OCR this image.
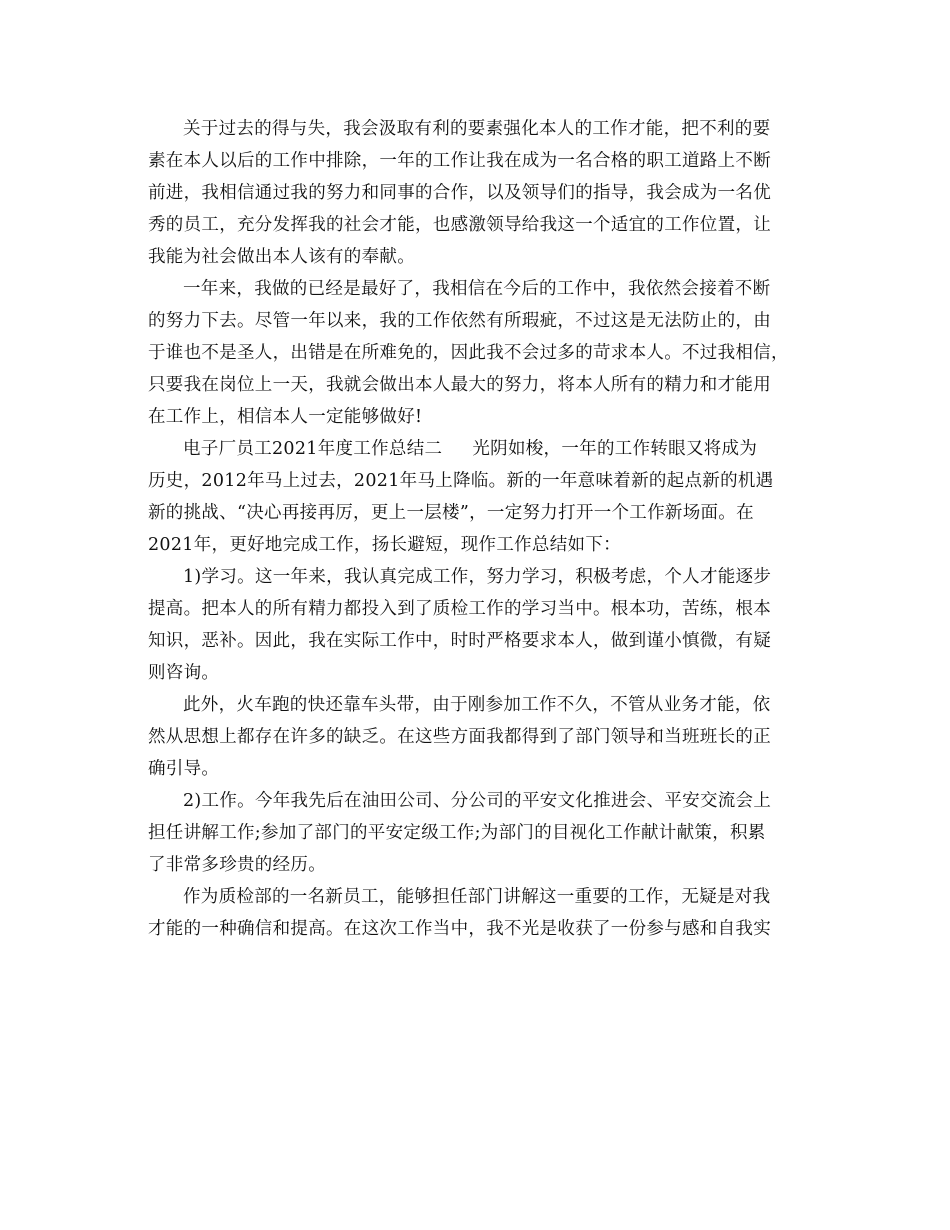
关于过去的得与失，我会汲取有利的要素强化本人的工作才能，把不利的要
素在本人以后的工作中排除，一年的工作让我在成为一名合格的职工道路上不断
前进，我相信通过我的努力和同事的合作，以及领导们的指导，我会成为一名优
秀的员工，充分发挥我的社会才能，也感激领导给我这一个适宜的工作位置，让
我能为社会做出本人该有的奉献。

一年来，我做的已经是最好了，我相信在今后的工作中，我依然会接着不断
的努力下去。尽管一年以来，我的工作依然有所瑕疵，不过这是无法防止的，由
于谁也不是圣人，出错是在所难免的，因此我不会过多的苛求本人。不过我相信，
只要我在岗位上一天，我就会做出本人最大的努力，将本人所有的精力和才能用
在工作上，相信本人一定能够做好!

电子厂员工2021年度工作总结二 光阴如梭，一年的工作转眼又将成为
历史，2012年马上过去，2021年马上降临。新的一年意味着新的起点新的机遇
新的挑战、“决心再接再厉，更上一层楼”，一定努力打开一个工作新场面。在
2021年，更好地完成工作，扬长避短，现作工作总结如下：

1)学习。这一年来，我认真完成工作，努力学习，积极考虑，个人才能逐步
提高。把本人的所有精力都投入到了质检工作的学习当中。根本功，苦练，根本
知识，恶补。因此，我在实际工作中，时时严格要求本人，做到谨小慎微，有疑
则咨询。

此外，火车跑的快还靠车头带，由于刚参加工作不久，不管从业务才能，依
然从思想上都存在许多的缺乏。在这些方面我都得到了部门领导和当班班长的正
确引导。

2)工作。今年我先后在油田公司、分公司的平安文化推进会、平安交流会上
担任讲解工作;参加了部门的平安定级工作;为部门的目视化工作献计献策，积累
了非常多珍贵的经历。

作为质检部的一名新员工，能够担任部门讲解这一重要的工作，无疑是对我
才能的一种确信和提高。在这次工作当中，我不光是收获了一份参与感和自我实
